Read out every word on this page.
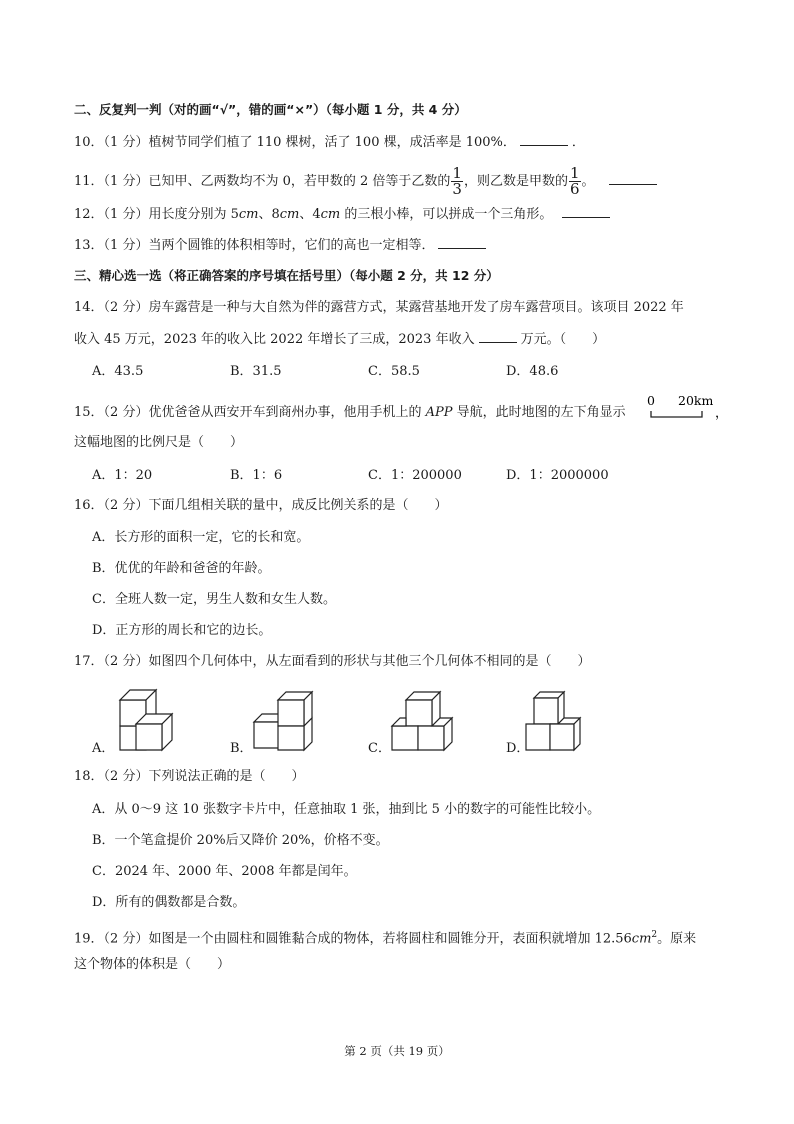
二、反复判一判（对的画“√”，错的画“×”）（每小题 1 分，共 4 分）
10．（1 分）植树节同学们植了 110 棵树，活了 100 棵，成活率是 100%．	．
11．（1 分）已知甲、乙两数均不为 0，若甲数的 2 倍等于乙数的 $\frac{1}{3}$ ，则乙数是甲数的 $\frac{1}{6}$ 。
12．（1 分）用长度分别为 5cm、8cm、4cm 的三根小棒，可以拼成一个三角形。
13．（1 分）当两个圆锥的体积相等时，它们的高也一定相等．
三、精心选一选（将正确答案的序号填在括号里）（每小题 2 分，共 12 分）
14．（2 分）房车露营是一种与大自然为伴的露营方式，某露营基地开发了房车露营项目。该项目 2022 年
收入 45 万元，2023 年的收入比 2022 年增长了三成，2023 年收入	万元。（　　）
A．43.5	B．31.5	C．58.5	D．48.6
15．（2 分）优优爸爸从西安开车到商州办事，他用手机上的 APP 导航，此时地图的左下角显示
0 20km
，
这幅地图的比例尺是（　　）
A．1：20	B．1：6	C．1：200000	D．1：2000000
16．（2 分）下面几组相关联的量中，成反比例关系的是（　　）
A．长方形的面积一定，它的长和宽。
B．优优的年龄和爸爸的年龄。
C．全班人数一定，男生人数和女生人数。
D．正方形的周长和它的边长。
17．（2 分）如图四个几何体中，从左面看到的形状与其他三个几何体不相同的是（　　）
A．	B．	C．	D．
18．（2 分）下列说法正确的是（　　）
A．从 0～9 这 10 张数字卡片中，任意抽取 1 张，抽到比 5 小的数字的可能性比较小。
B．一个笔盒提价 20%后又降价 20%，价格不变。
C．2024 年、2000 年、2008 年都是闰年。
D．所有的偶数都是合数。
19．（2 分）如图是一个由圆柱和圆锥黏合成的物体，若将圆柱和圆锥分开，表面积就增加 $12.56cm^2$。原来
这个物体的体积是（　　）
第 2 页（共 19 页）
